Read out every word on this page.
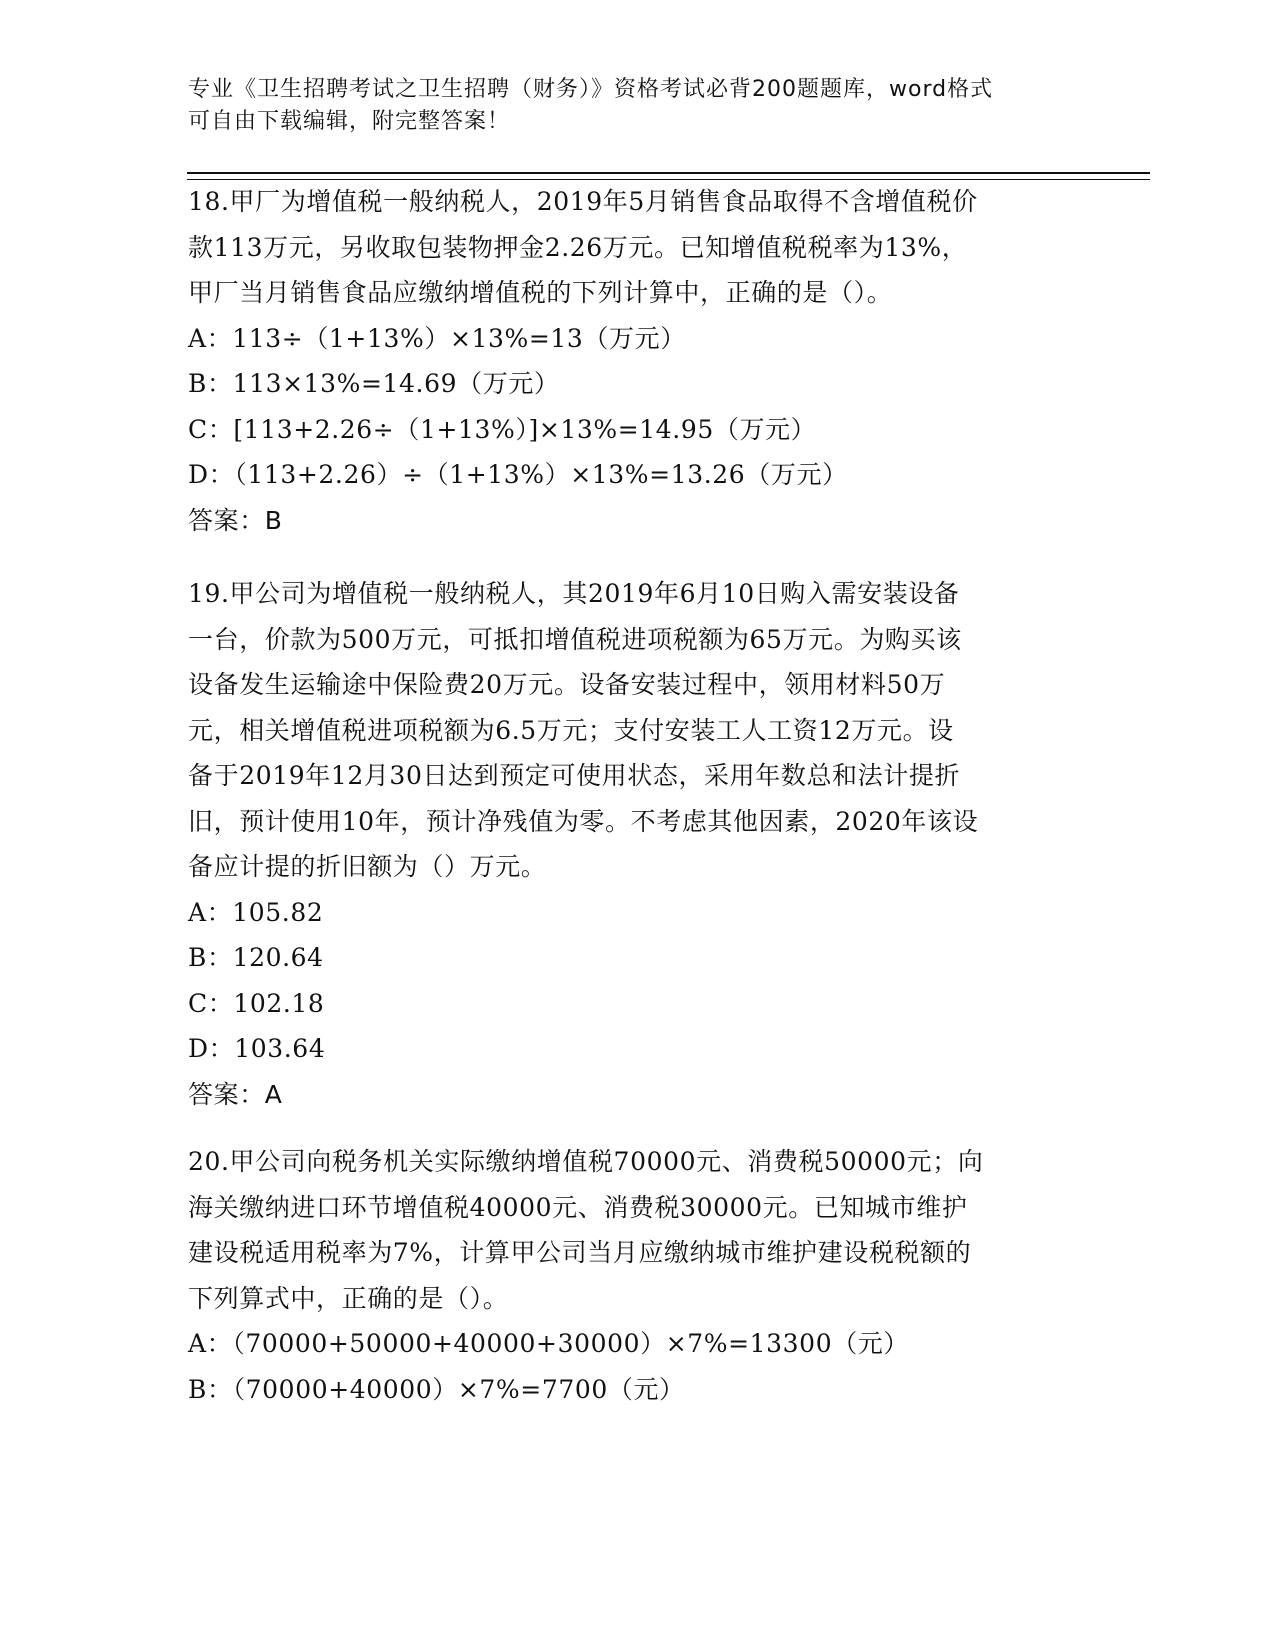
专业《卫生招聘考试之卫生招聘（财务）》资格考试必背200题题库，word格式
可自由下载编辑，附完整答案！
18.甲厂为增值税一般纳税人，2019年5月销售食品取得不含增值税价
款113万元，另收取包装物押金2.26万元。已知增值税税率为13%，
甲厂当月销售食品应缴纳增值税的下列计算中，正确的是（）。
A：113÷（1+13%）×13%=13（万元）
B：113×13%=14.69（万元）
C：[113+2.26÷（1+13%）]×13%=14.95（万元）
D：（113+2.26）÷（1+13%）×13%=13.26（万元）
答案：B
19.甲公司为增值税一般纳税人，其2019年6月10日购入需安装设备
一台，价款为500万元，可抵扣增值税进项税额为65万元。为购买该
设备发生运输途中保险费20万元。设备安装过程中，领用材料50万
元，相关增值税进项税额为6.5万元；支付安装工人工资12万元。设
备于2019年12月30日达到预定可使用状态，采用年数总和法计提折
旧，预计使用10年，预计净残值为零。不考虑其他因素，2020年该设
备应计提的折旧额为（）万元。
A：105.82
B：120.64
C：102.18
D：103.64
答案：A
20.甲公司向税务机关实际缴纳增值税70000元、消费税50000元；向
海关缴纳进口环节增值税40000元、消费税30000元。已知城市维护
建设税适用税率为7%，计算甲公司当月应缴纳城市维护建设税税额的
下列算式中，正确的是（）。
A：（70000+50000+40000+30000）×7%=13300（元）
B：（70000+40000）×7%=7700（元）
